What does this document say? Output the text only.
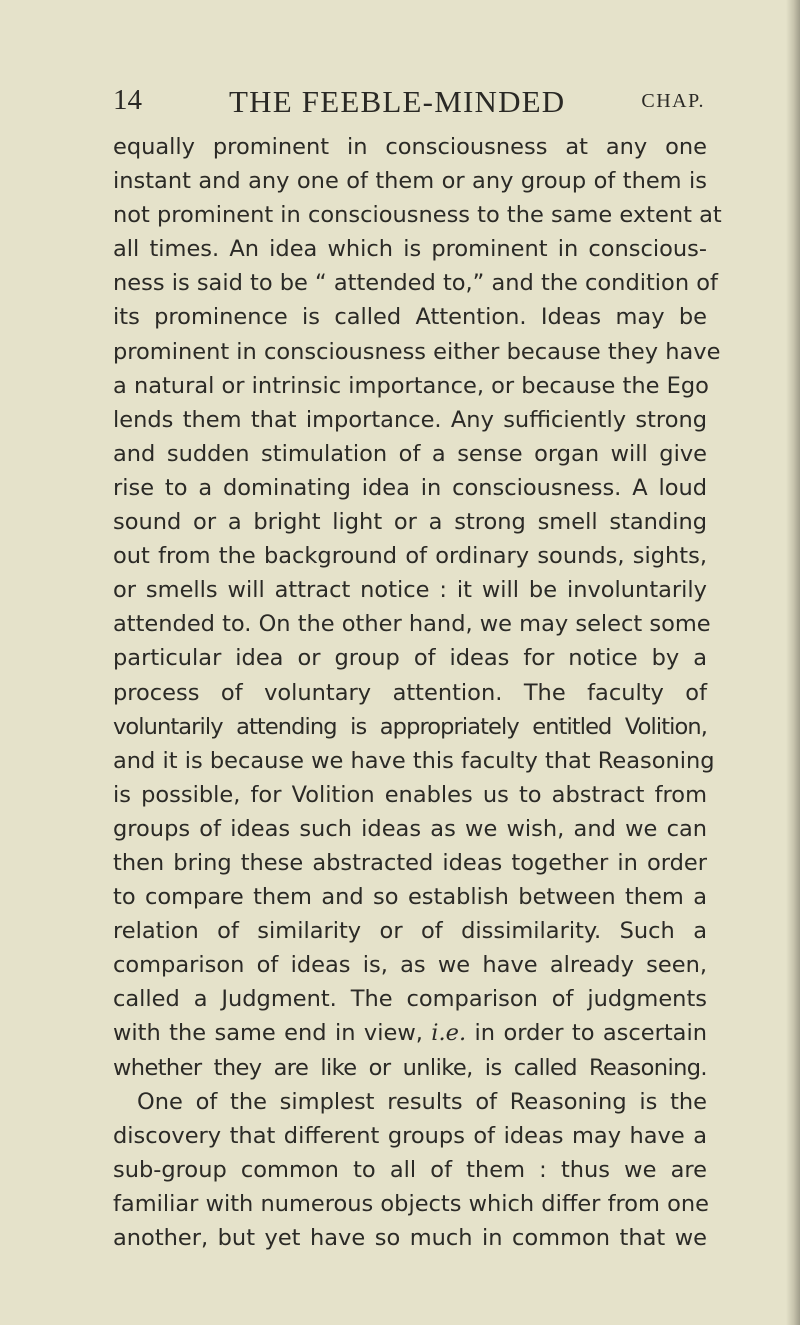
14	THE FEEBLE-MINDED	CHAP.
equally prominent in consciousness at any one
instant and any one of them or any group of them is
not prominent in consciousness to the same extent at
all times. An idea which is prominent in conscious-
ness is said to be “ attended to,” and the condition of
its prominence is called Attention. Ideas may be
prominent in consciousness either because they have
a natural or intrinsic importance, or because the Ego
lends them that importance. Any sufficiently strong
and sudden stimulation of a sense organ will give
rise to a dominating idea in consciousness. A loud
sound or a bright light or a strong smell standing
out from the background of ordinary sounds, sights,
or smells will attract notice : it will be involuntarily
attended to. On the other hand, we may select some
particular idea or group of ideas for notice by a
process of voluntary attention. The faculty of
voluntarily attending is appropriately entitled Volition,
and it is because we have this faculty that Reasoning
is possible, for Volition enables us to abstract from
groups of ideas such ideas as we wish, and we can
then bring these abstracted ideas together in order
to compare them and so establish between them a
relation of similarity or of dissimilarity. Such a
comparison of ideas is, as we have already seen,
called a Judgment. The comparison of judgments
with the same end in view, i.e. in order to ascertain
whether they are like or unlike, is called Reasoning.
One of the simplest results of Reasoning is the
discovery that different groups of ideas may have a
sub-group common to all of them : thus we are
familiar with numerous objects which differ from one
another, but yet have so much in common that we
